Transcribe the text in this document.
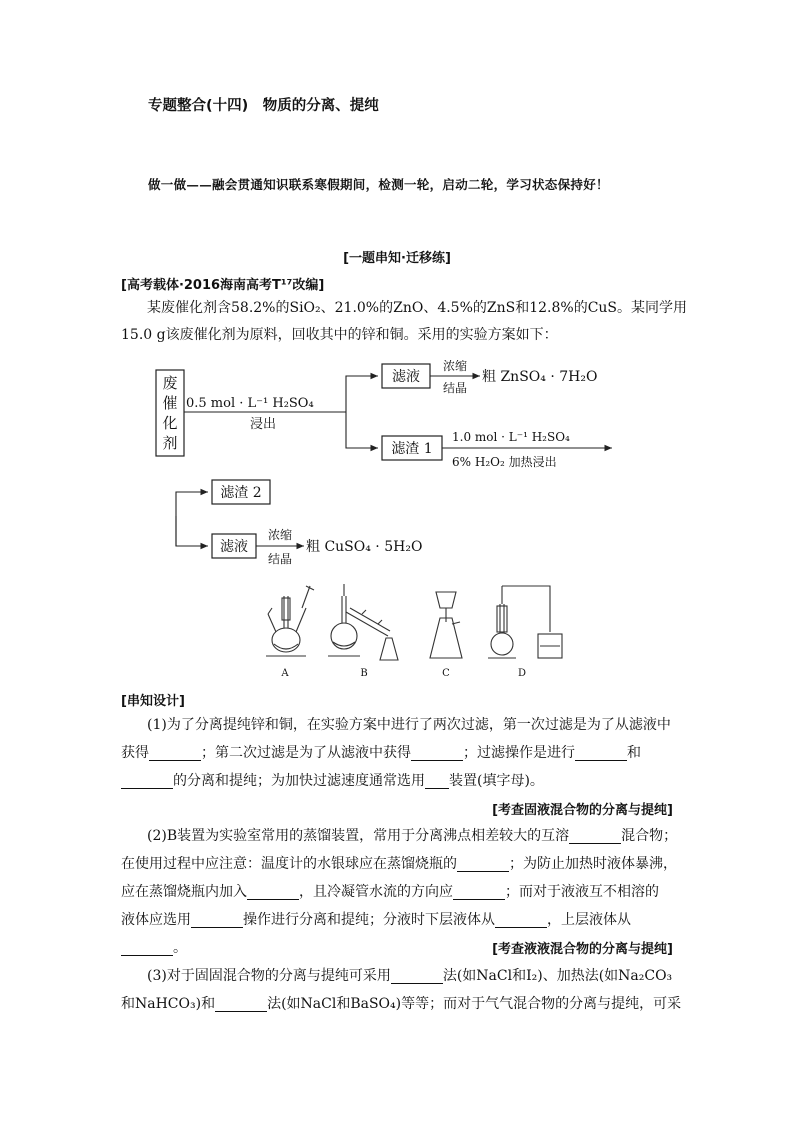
专题整合(十四)　物质的分离、提纯
做一做——融会贯通知识联系寒假期间，检测一轮，启动二轮，学习状态保持好！
[一题串知·迁移练]
[高考载体·2016海南高考T¹⁷改编]
某废催化剂含58.2%的SiO₂、21.0%的ZnO、4.5%的ZnS和12.8%的CuS。某同学用
15.0 g该废催化剂为原料，回收其中的锌和铜。采用的实验方案如下：
废
催
化
剂
0.5 mol · L⁻¹ H₂SO₄
浸出
滤液
浓缩
结晶
粗 ZnSO₄ · 7H₂O
滤渣 1
1.0 mol · L⁻¹ H₂SO₄
6% H₂O₂ 加热浸出
滤渣 2
滤液
浓缩
结晶
粗 CuSO₄ · 5H₂O
A	B	C	D
[串知设计]
(1)为了分离提纯锌和铜，在实验方案中进行了两次过滤，第一次过滤是为了从滤液中
获得	；第二次过滤是为了从滤液中获得	；过滤操作是进行	和
的分离和提纯；为加快过滤速度通常选用 装置(填字母)。
[考查固液混合物的分离与提纯]
(2)B装置为实验室常用的蒸馏装置，常用于分离沸点相差较大的互溶	混合物；
在使用过程中应注意：温度计的水银球应在蒸馏烧瓶的	；为防止加热时液体暴沸，
应在蒸馏烧瓶内加入	，且冷凝管水流的方向应	；而对于液液互不相溶的
液体应选用	操作进行分离和提纯；分液时下层液体从	，上层液体从
。	[考查液液混合物的分离与提纯]
(3)对于固固混合物的分离与提纯可采用	法(如NaCl和I₂)、加热法(如Na₂CO₃
和NaHCO₃)和	法(如NaCl和BaSO₄)等等；而对于气气混合物的分离与提纯，可采
